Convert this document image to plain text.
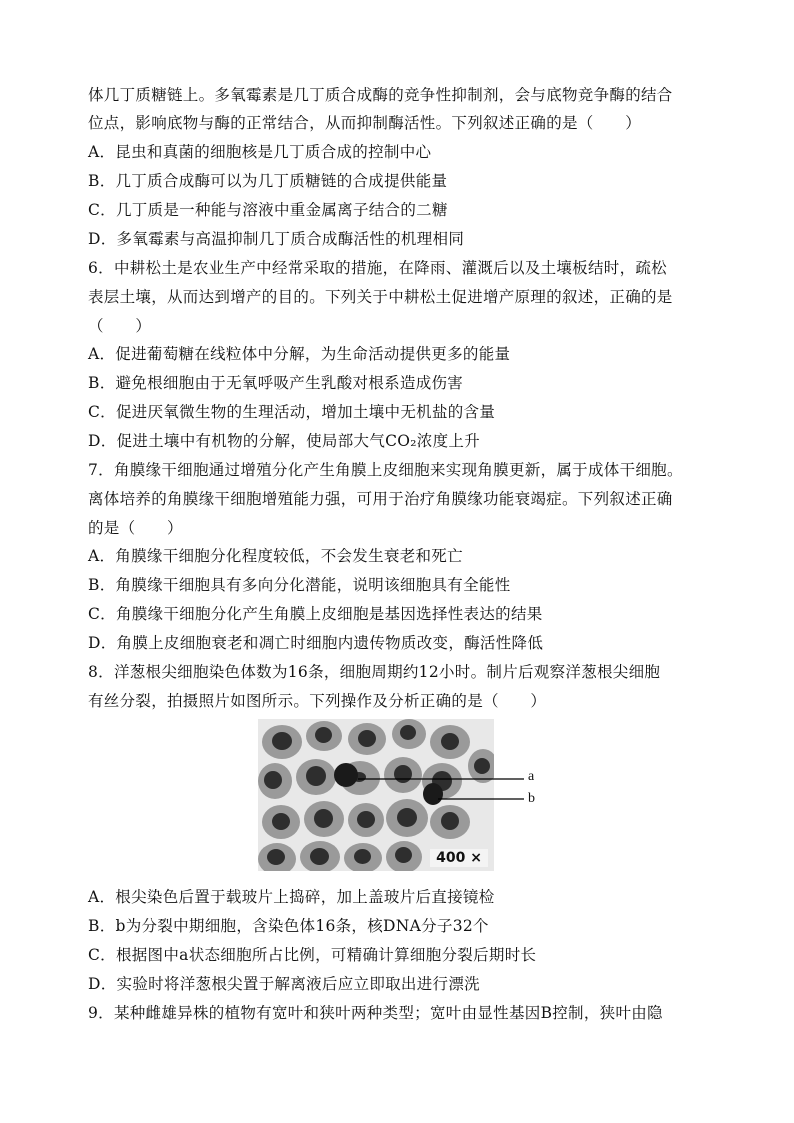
体几丁质糖链上。多氧霉素是几丁质合成酶的竞争性抑制剂，会与底物竞争酶的结合
位点，影响底物与酶的正常结合，从而抑制酶活性。下列叙述正确的是（　　）
A．昆虫和真菌的细胞核是几丁质合成的控制中心
B．几丁质合成酶可以为几丁质糖链的合成提供能量
C．几丁质是一种能与溶液中重金属离子结合的二糖
D．多氧霉素与高温抑制几丁质合成酶活性的机理相同
6．中耕松土是农业生产中经常采取的措施，在降雨、灌溉后以及土壤板结时，疏松
表层土壤，从而达到增产的目的。下列关于中耕松土促进增产原理的叙述，正确的是
（　　）
A．促进葡萄糖在线粒体中分解，为生命活动提供更多的能量
B．避免根细胞由于无氧呼吸产生乳酸对根系造成伤害
C．促进厌氧微生物的生理活动，增加土壤中无机盐的含量
D．促进土壤中有机物的分解，使局部大气CO₂浓度上升
7．角膜缘干细胞通过增殖分化产生角膜上皮细胞来实现角膜更新，属于成体干细胞。
离体培养的角膜缘干细胞增殖能力强，可用于治疗角膜缘功能衰竭症。下列叙述正确
的是（　　）
A．角膜缘干细胞分化程度较低，不会发生衰老和死亡
B．角膜缘干细胞具有多向分化潜能，说明该细胞具有全能性
C．角膜缘干细胞分化产生角膜上皮细胞是基因选择性表达的结果
D．角膜上皮细胞衰老和凋亡时细胞内遗传物质改变，酶活性降低
8．洋葱根尖细胞染色体数为16条，细胞周期约12小时。制片后观察洋葱根尖细胞
有丝分裂，拍摄照片如图所示。下列操作及分析正确的是（　　）
400 ×
a
b
A．根尖染色后置于载玻片上捣碎，加上盖玻片后直接镜检
B．b为分裂中期细胞，含染色体16条，核DNA分子32个
C．根据图中a状态细胞所占比例，可精确计算细胞分裂后期时长
D．实验时将洋葱根尖置于解离液后应立即取出进行漂洗
9．某种雌雄异株的植物有宽叶和狭叶两种类型；宽叶由显性基因B控制，狭叶由隐
